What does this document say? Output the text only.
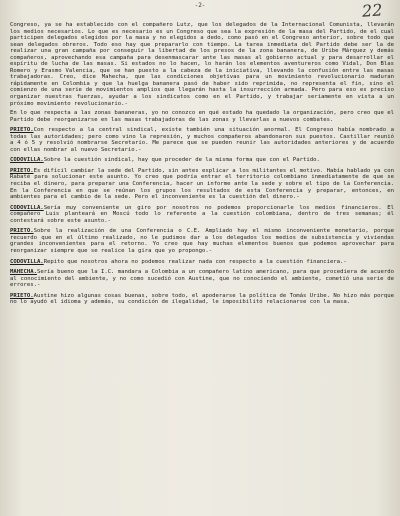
-2-	22

Congreso, ya se ha establecido con el compañero Lutz, que los delegados de la Internacional Comunista, llevarán los medios necesarios. Lo que es necesario es un Congreso que sea la expresión de la masa del Partido, de el cual participen delegados elegidos por la masa y no elegidos a dedo, como pasó en el Congreso anterior, sobre todo que sean delegados obreros. Todo eso hay que prepararlo con tiempo. La tarea inmediata del Partido debe ser la de realizar una gran campaña por conseguir la libertad de los presos de la zona bananera, de Uribe Márquez y demás compañeros, aprovechando esa campaña para desenmascarar ante las masas al gobierno actual y para desarrollar el espíritu de lucha de las masas. Si estados no lo hacen, lo harán los elementos aventureros como Vidal, Don Blas Romero y Erasmo Valencia, que se han puesto a la cabeza de la iniciativa, llevando la confusión entre las masas trabajadoras. Creo, dice Mahecha, que las condiciones objetivas para un movimiento revolucionario maduran rápidamente en Colombia y que la huelga bananera pasó de haber sido reprimida, no representa el fin, sino el comienzo de una serie de movimientos amplios que llegarán hasta la insurrección armada. Pero para eso es preciso organizar nuestras fuerzas, ayudar a los sindicatos como en el Partido, y trabajar seriamente en vista a un próximo movimiento revolucionario.-

En lo que respecta a las zonas bananeras, yo no conozco en qué estado ha quedado la organización, pero creo que el Partido debe reorganizarse en las masas trabajadoras de las zonas y llevarlas a nuevos combates.

PRIETO.Con respecto a la central sindical, existe también una situación anormal. El Congreso había nombrado a todas las autoridades; pero como vino la represión, y muchos compañeros abandonaron sus puestos. Castillar reunió a 4 ó 5 y resolvió nombrarse Secretario. Me parece que se pueden reunir las autoridades anteriores y de acuerdo con ellas nombrar al nuevo Secretario.-

CODOVILLA.Sobre la cuestión sindical, hay que proceder de la misma forma que con el Partido.

PRIETO.Es difícil cambiar la sede del Partido, sin antes explicar a los militantes el motivo. Había hablado ya con Rabaté para solucionar este asunto. Yo creo que podría entrar el territorio colombiano inmediatamente de que se reciba el dinero, para preparar una Conferencia, hacer un informe ante la sede y sobre el tipo de la Conferencia. En la Conferencia en que se reúnan los grupos los resultados de esta Conferencia y preparar, entonces, en ambientes para el cambio de la sede. Pero el inconveniente es la cuestión del dinero.-

CODOVILLA.Sería muy conveniente un giro por nosotros no podemos proporcionarle los medios financieros. El compañero Luis planteará en Moscú todo lo referente a la cuestión colombiana, dentro de tres semanas; él contestará sobre este asunto.-

PRIETO.Sobre la realización de una Conferencia o C.E. Ampliado hay el mismo inconveniente monetario, porque recuerdo que en el último realizado, no le pudimos dar a los delegados los medios de subsistencia y viviendas grandes inconvenientes para el retorno. Yo creo que hay muchas elementos buenos que podemos aprovechar para reorganizar siempre que se realice la gira que yo propongo.-

CODOVILLA.Repito que nosotros ahora no podemos realizar nada con respecto a la cuestión financiera.-

MAHECHA.Sería bueno que la I.C. mandara a Colombia a un compañero latino americano, para que procediera de acuerdo al conocimiento del ambiente, y no como sucedió con Austine, que no conociendo el ambiente, cometió una serie de errores.-

PRIETO.Austine hizo algunas cosas buenas, sobre todo, el apoderarse la política de Tomás Uribe. No hizo más porque no lo ayudó el idioma y además, su condición de ilegalidad, le imposibilitó relacionarse con la masa.
